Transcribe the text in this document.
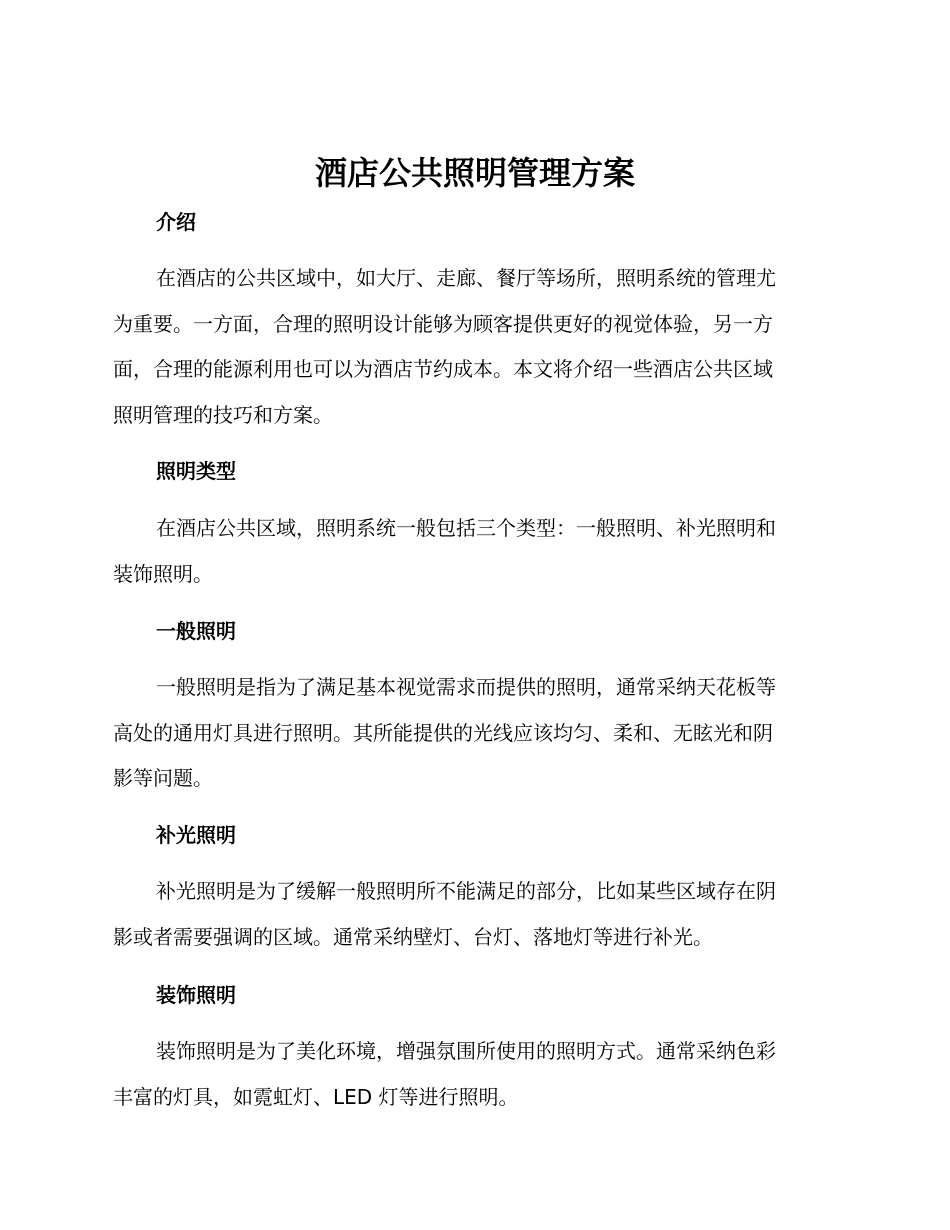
酒店公共照明管理方案
介绍
在酒店的公共区域中，如大厅、走廊、餐厅等场所，照明系统的管理尤
为重要。一方面，合理的照明设计能够为顾客提供更好的视觉体验，另一方
面，合理的能源利用也可以为酒店节约成本。本文将介绍一些酒店公共区域
照明管理的技巧和方案。
照明类型
在酒店公共区域，照明系统一般包括三个类型：一般照明、补光照明和
装饰照明。
一般照明
一般照明是指为了满足基本视觉需求而提供的照明，通常采纳天花板等
高处的通用灯具进行照明。其所能提供的光线应该均匀、柔和、无眩光和阴
影等问题。
补光照明
补光照明是为了缓解一般照明所不能满足的部分，比如某些区域存在阴
影或者需要强调的区域。通常采纳壁灯、台灯、落地灯等进行补光。
装饰照明
装饰照明是为了美化环境，增强氛围所使用的照明方式。通常采纳色彩
丰富的灯具，如霓虹灯、LED 灯等进行照明。
